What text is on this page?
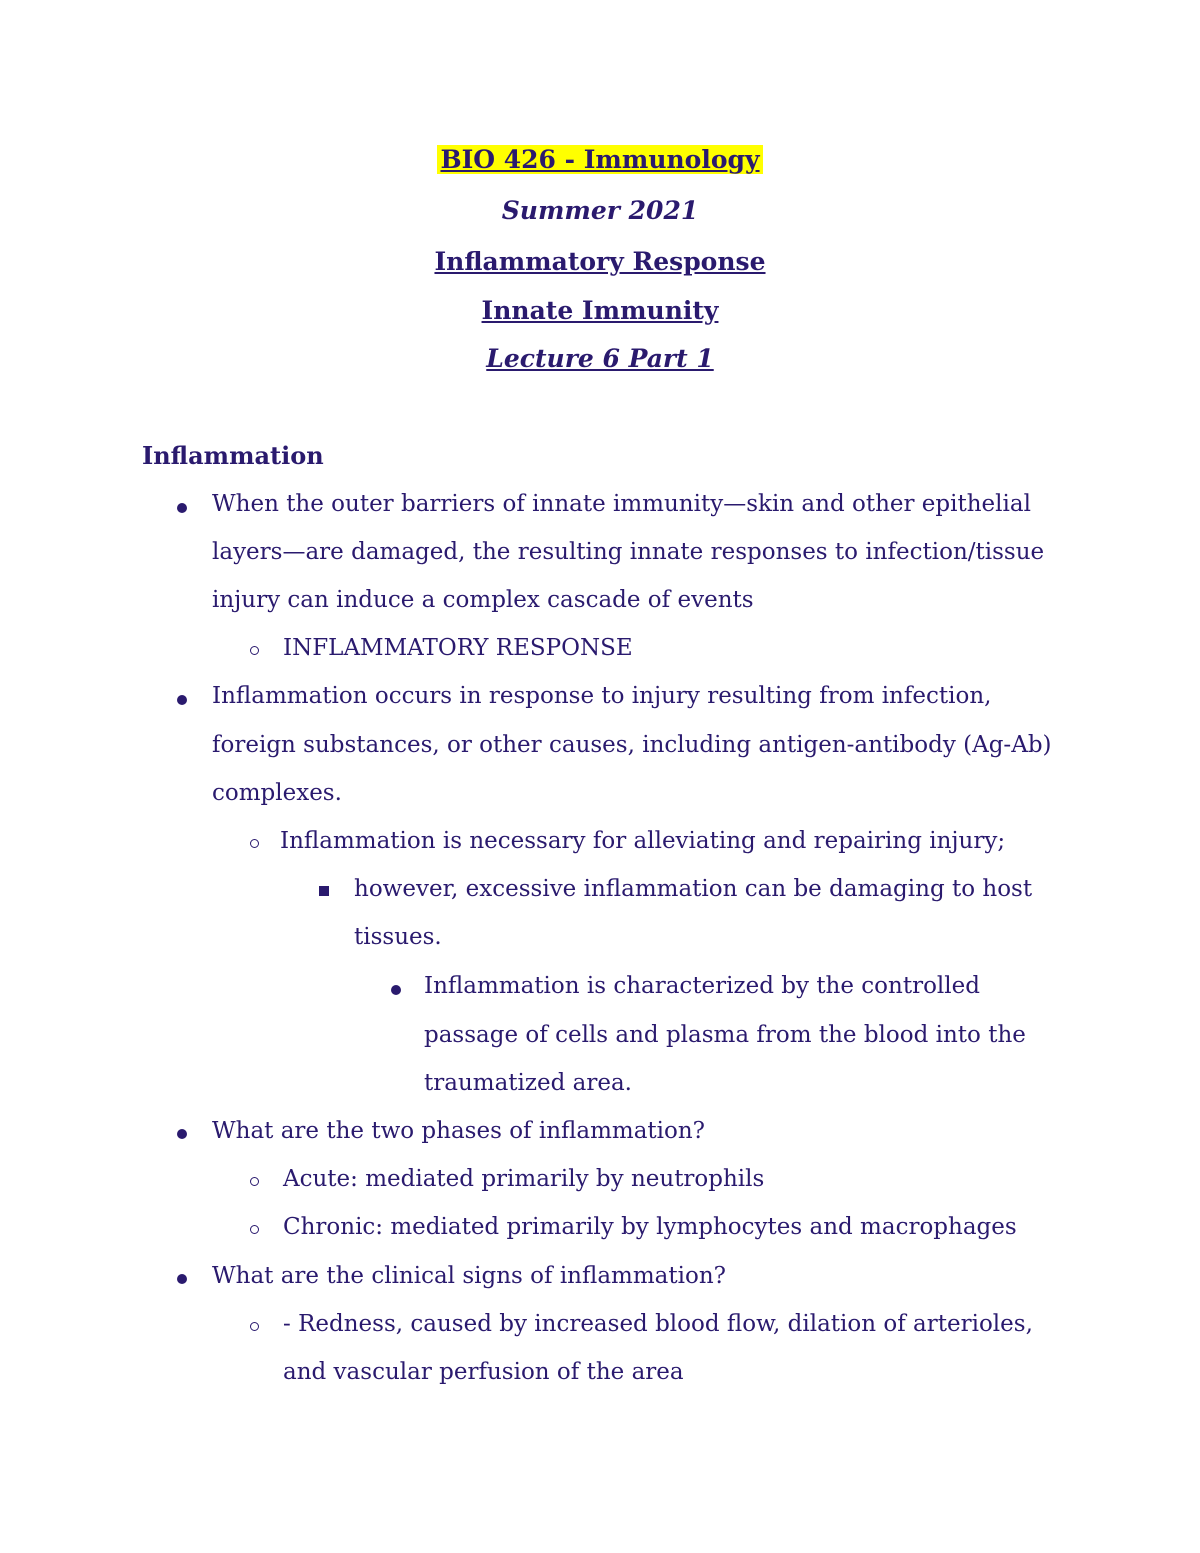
BIO 426 - Immunology
Summer 2021
Inflammatory Response
Innate Immunity
Lecture 6 Part 1
Inflammation
When the outer barriers of innate immunity—skin and other epithelial
layers—are damaged, the resulting innate responses to infection/tissue
injury can induce a complex cascade of events
INFLAMMATORY RESPONSE
Inflammation occurs in response to injury resulting from infection,
foreign substances, or other causes, including antigen-antibody (Ag-Ab)
complexes.
Inflammation is necessary for alleviating and repairing injury;
however, excessive inflammation can be damaging to host
tissues.
Inflammation is characterized by the controlled
passage of cells and plasma from the blood into the
traumatized area.
What are the two phases of inflammation?
Acute: mediated primarily by neutrophils
Chronic: mediated primarily by lymphocytes and macrophages
What are the clinical signs of inflammation?
- Redness, caused by increased blood flow, dilation of arterioles,
and vascular perfusion of the area
